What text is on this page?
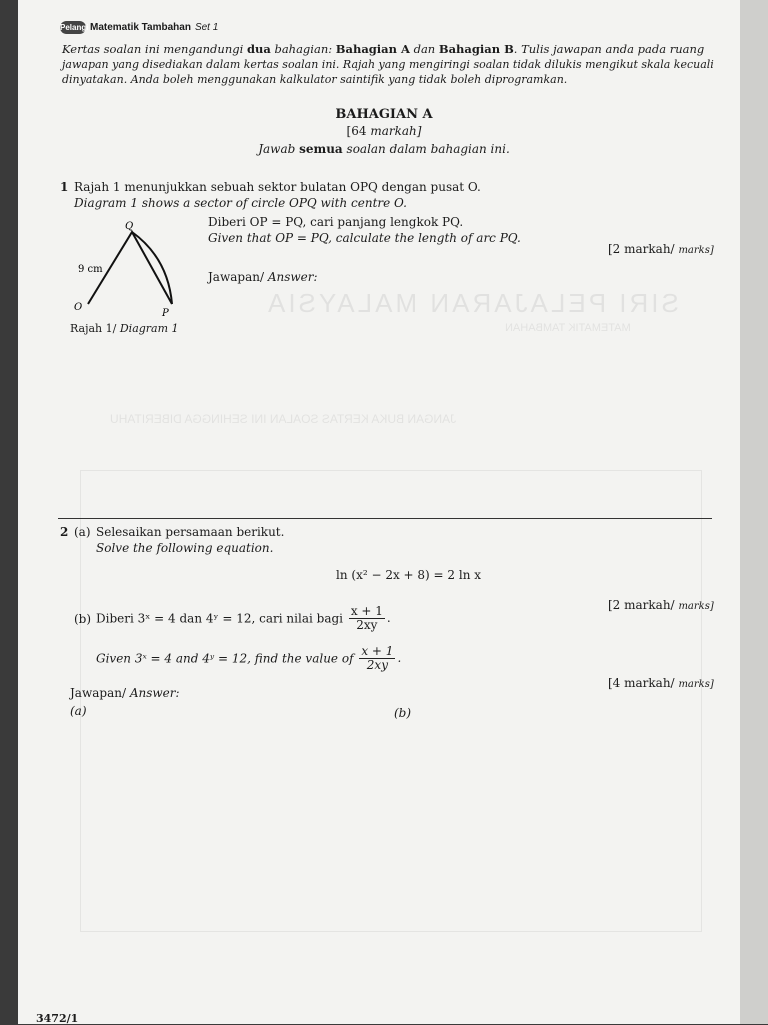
SIRI PELAJARAN MALAYSIA
MATEMATIK TAMBAHAN
JANGAN BUKA KERTAS SOALAN INI SEHINGGA DIBERITAHU
Pelangi Matematik Tambahan Set 1
Kertas soalan ini mengandungi dua bahagian: Bahagian A dan Bahagian B. Tulis jawapan anda pada ruang
jawapan yang disediakan dalam kertas soalan ini. Rajah yang mengiringi soalan tidak dilukis mengikut skala kecuali
dinyatakan. Anda boleh menggunakan kalkulator saintifik yang tidak boleh diprogramkan.
BAHAGIAN A
[64 markah]
Jawab semua soalan dalam bahagian ini.
1 Rajah 1 menunjukkan sebuah sektor bulatan OPQ dengan pusat O.
Diagram 1 shows a sector of circle OPQ with centre O.
Q
O
P
9 cm
Rajah 1/ Diagram 1
Diberi OP = PQ, cari panjang lengkok PQ.
Given that OP = PQ, calculate the length of arc PQ.
[2 markah/ marks]
Jawapan/ Answer:
2 (a) Selesaikan persamaan berikut.
Solve the following equation.
ln (x² − 2x + 8) = 2 ln x
[2 markah/ marks]
(b) Diberi 3ˣ = 4 dan 4ʸ = 12, cari nilai bagi $\frac{x + 1}{2xy}$ .
Given 3ˣ = 4 and 4ʸ = 12, find the value of $\frac{x + 1}{2xy}$ .
[4 markah/ marks]
Jawapan/ Answer:
(a)	(b)
3472/1
